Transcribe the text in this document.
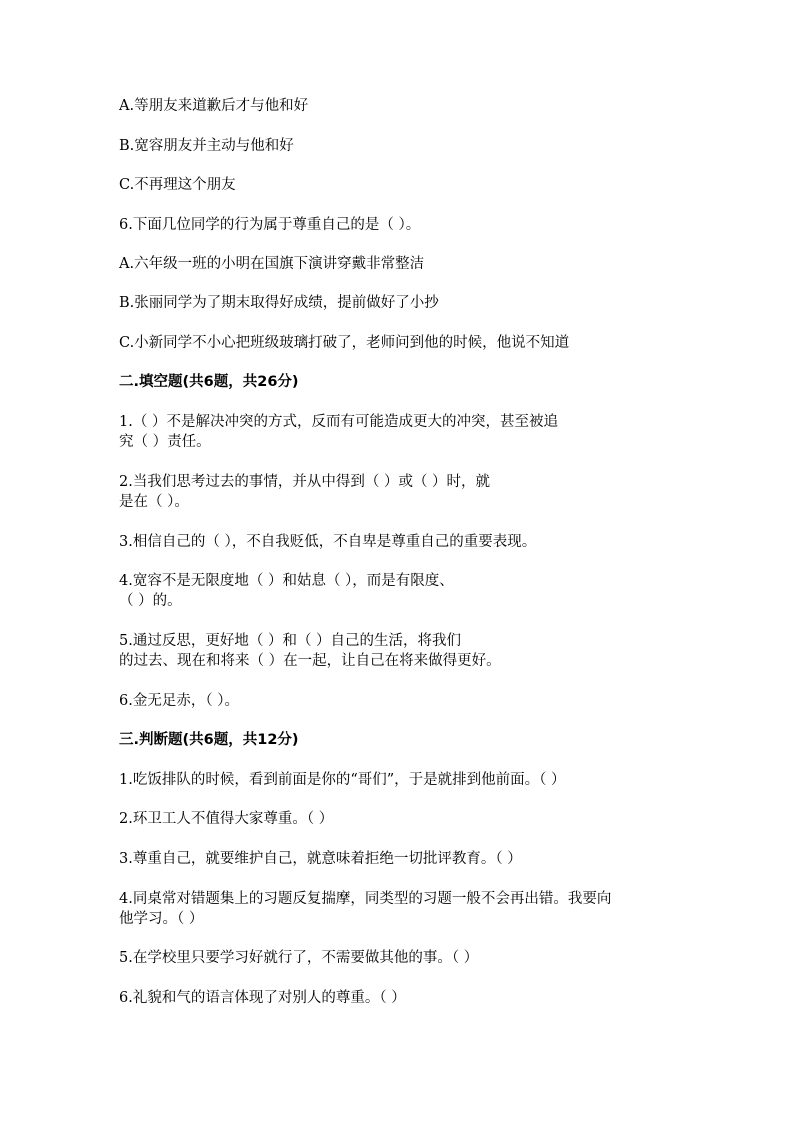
A.等朋友来道歉后才与他和好
B.宽容朋友并主动与他和好
C.不再理这个朋友
6.下面几位同学的行为属于尊重自己的是（ ）。
A.六年级一班的小明在国旗下演讲穿戴非常整洁
B.张丽同学为了期末取得好成绩，提前做好了小抄
C.小新同学不小心把班级玻璃打破了，老师问到他的时候，他说不知道
二.填空题(共6题，共26分)
1.（ ）不是解决冲突的方式，反而有可能造成更大的冲突，甚至被追
究（ ）责任。
2.当我们思考过去的事情，并从中得到（ ）或（ ）时，就
是在（ ）。
3.相信自己的（ ），不自我贬低，不自卑是尊重自己的重要表现。
4.宽容不是无限度地（ ）和姑息（ ），而是有限度、
（ ）的。
5.通过反思，更好地（ ）和（ ）自己的生活，将我们
的过去、现在和将来（ ）在一起，让自己在将来做得更好。
6.金无足赤，（ ）。
三.判断题(共6题，共12分)
1.吃饭排队的时候，看到前面是你的“哥们”，于是就排到他前面。（ ）
2.环卫工人不值得大家尊重。（ ）
3.尊重自己，就要维护自己，就意味着拒绝一切批评教育。（ ）
4.同桌常对错题集上的习题反复揣摩，同类型的习题一般不会再出错。我要向
他学习。（ ）
5.在学校里只要学习好就行了，不需要做其他的事。（ ）
6.礼貌和气的语言体现了对别人的尊重。（ ）
